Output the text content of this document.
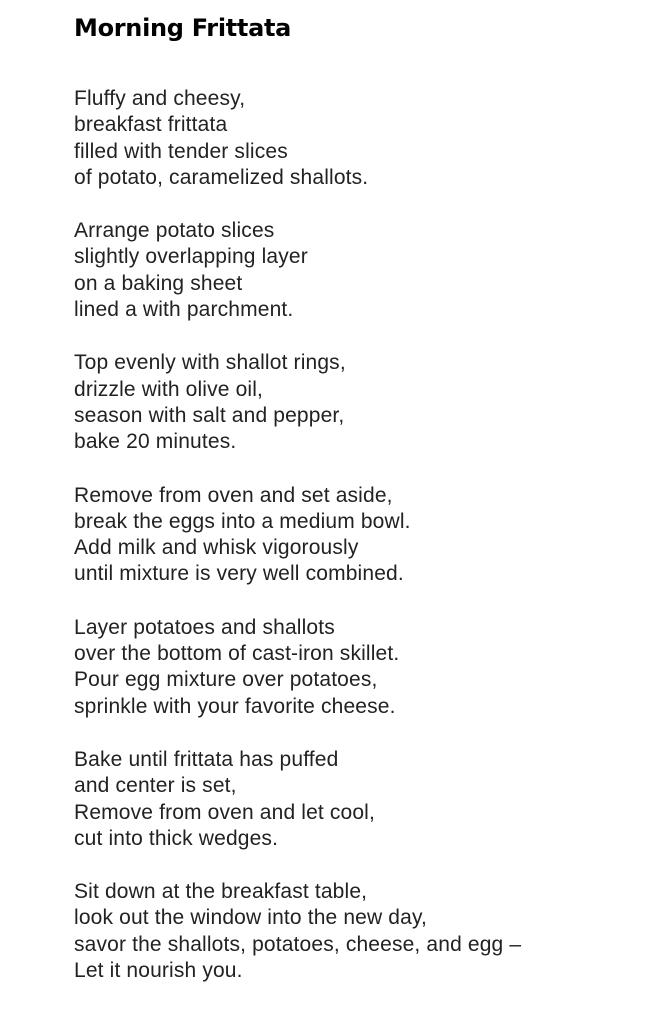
Morning Frittata
Fluffy and cheesy,
breakfast frittata
filled with tender slices
of potato, caramelized shallots.
Arrange potato slices
slightly overlapping layer
on a baking sheet
lined a with parchment.
Top evenly with shallot rings,
drizzle with olive oil,
season with salt and pepper,
bake 20 minutes.
Remove from oven and set aside,
break the eggs into a medium bowl.
Add milk and whisk vigorously
until mixture is very well combined.
Layer potatoes and shallots
over the bottom of cast-iron skillet.
Pour egg mixture over potatoes,
sprinkle with your favorite cheese.
Bake until frittata has puffed
and center is set,
Remove from oven and let cool,
cut into thick wedges.
Sit down at the breakfast table,
look out the window into the new day,
savor the shallots, potatoes, cheese, and egg –
Let it nourish you.
